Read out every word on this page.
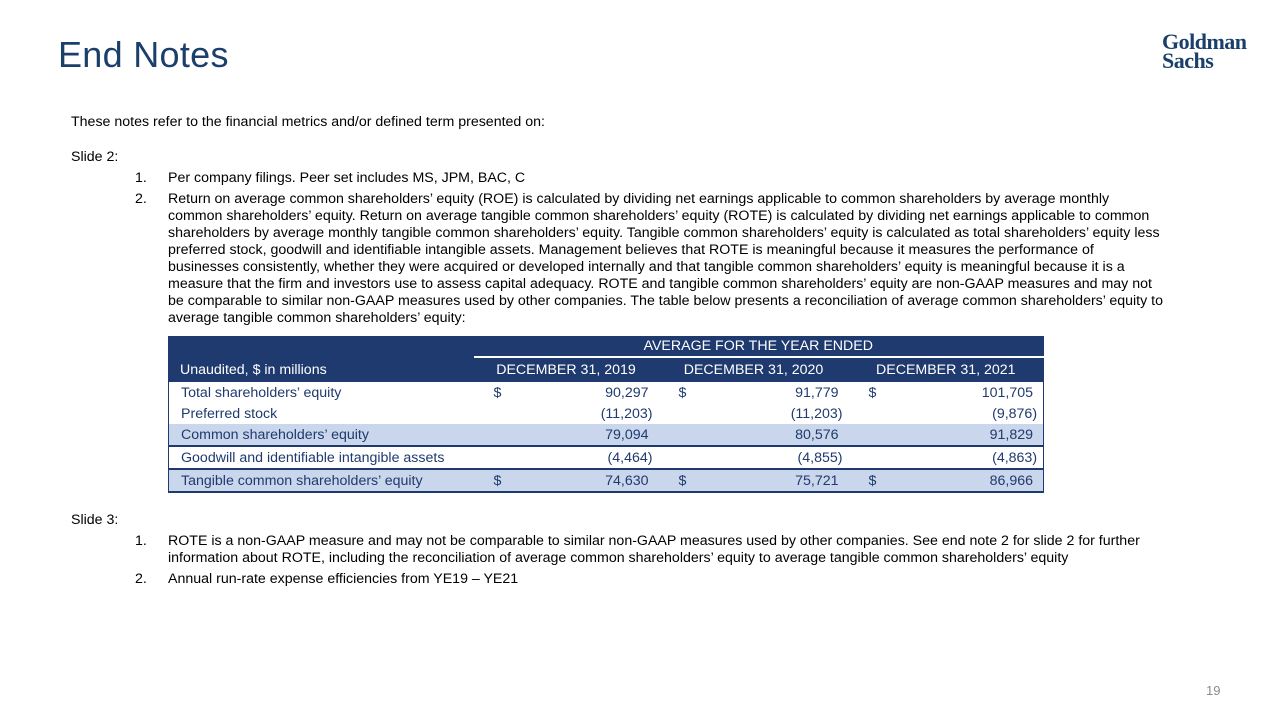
End Notes	Goldman
Sachs
These notes refer to the financial metrics and/or defined term presented on:
Slide 2:
1.	Per company filings. Peer set includes MS, JPM, BAC, C
2.	Return on average common shareholders’ equity (ROE) is calculated by dividing net earnings applicable to common shareholders by average monthly common shareholders’ equity. Return on average tangible common shareholders’ equity (ROTE) is calculated by dividing net earnings applicable to common shareholders by average monthly tangible common shareholders’ equity. Tangible common shareholders’ equity is calculated as total shareholders’ equity less preferred stock, goodwill and identifiable intangible assets. Management believes that ROTE is meaningful because it measures the performance of businesses consistently, whether they were acquired or developed internally and that tangible common shareholders’ equity is meaningful because it is a measure that the firm and investors use to assess capital adequacy. ROTE and tangible common shareholders’ equity are non-GAAP measures and may not be comparable to similar non-GAAP measures used by other companies. The table below presents a reconciliation of average common shareholders’ equity to average tangible common shareholders’ equity:
	AVERAGE FOR THE YEAR ENDED					
Unaudited, $ in millions	DECEMBER 31, 2019		DECEMBER 31, 2020		DECEMBER 31, 2021	
Total shareholders’ equity	$	90,297	$	91,779	$	101,705
Preferred stock		(11,203)		(11,203)		(9,876)
Common shareholders’ equity		79,094		80,576		91,829
Goodwill and identifiable intangible assets		(4,464)		(4,855)		(4,863)
Tangible common shareholders’ equity	$	74,630	$	75,721	$	86,966
Slide 3:
1.	ROTE is a non-GAAP measure and may not be comparable to similar non-GAAP measures used by other companies. See end note 2 for slide 2 for further information about ROTE, including the reconciliation of average common shareholders’ equity to average tangible common shareholders’ equity
2.	Annual run-rate expense efficiencies from YE19 – YE21
19
